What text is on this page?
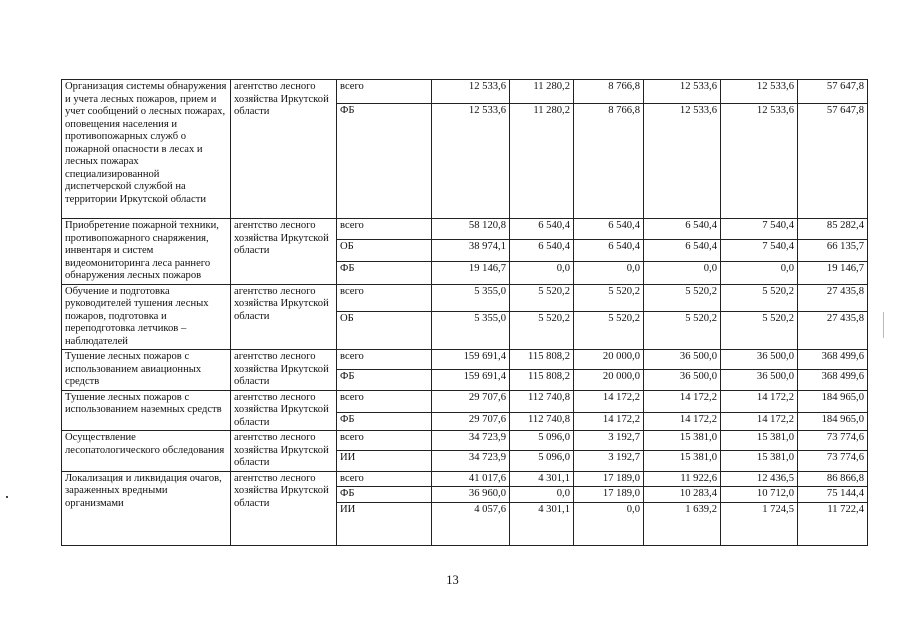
Организация системы обнаружения и учета лесных пожаров, прием и учет сообщений о лесных пожарах, оповещения населения и противопожарных служб о пожарной опасности в лесах и лесных пожарах специализированной диспетчерской службой на территории Иркутской области	агентство лесного хозяйства Иркутской области	всего	12 533,6	11 280,2	8 766,8	12 533,6	12 533,6	57 647,8
		ФБ	12 533,6	11 280,2	8 766,8	12 533,6	12 533,6	57 647,8
Приобретение пожарной техники, противопожарного снаряжения, инвентаря и систем видеомониторинга леса раннего обнаружения лесных пожаров	агентство лесного хозяйства Иркутской области	всего	58 120,8	6 540,4	6 540,4	6 540,4	7 540,4	85 282,4
		ОБ	38 974,1	6 540,4	6 540,4	6 540,4	7 540,4	66 135,7
		ФБ	19 146,7	0,0	0,0	0,0	0,0	19 146,7
Обучение и подготовка руководителей тушения лесных пожаров, подготовка и переподготовка летчиков – наблюдателей	агентство лесного хозяйства Иркутской области	всего	5 355,0	5 520,2	5 520,2	5 520,2	5 520,2	27 435,8
		ОБ	5 355,0	5 520,2	5 520,2	5 520,2	5 520,2	27 435,8
Тушение лесных пожаров с использованием авиационных средств	агентство лесного хозяйства Иркутской области	всего	159 691,4	115 808,2	20 000,0	36 500,0	36 500,0	368 499,6
		ФБ	159 691,4	115 808,2	20 000,0	36 500,0	36 500,0	368 499,6
Тушение лесных пожаров с использованием наземных средств	агентство лесного хозяйства Иркутской области	всего	29 707,6	112 740,8	14 172,2	14 172,2	14 172,2	184 965,0
		ФБ	29 707,6	112 740,8	14 172,2	14 172,2	14 172,2	184 965,0
Осуществление лесопатологического обследования	агентство лесного хозяйства Иркутской области	всего	34 723,9	5 096,0	3 192,7	15 381,0	15 381,0	73 774,6
		ИИ	34 723,9	5 096,0	3 192,7	15 381,0	15 381,0	73 774,6
Локализация и ликвидация очагов, зараженных вредными организмами	агентство лесного хозяйства Иркутской области	всего	41 017,6	4 301,1	17 189,0	11 922,6	12 436,5	86 866,8
		ФБ	36 960,0	0,0	17 189,0	10 283,4	10 712,0	75 144,4
		ИИ	4 057,6	4 301,1	0,0	1 639,2	1 724,5	11 722,4
13
